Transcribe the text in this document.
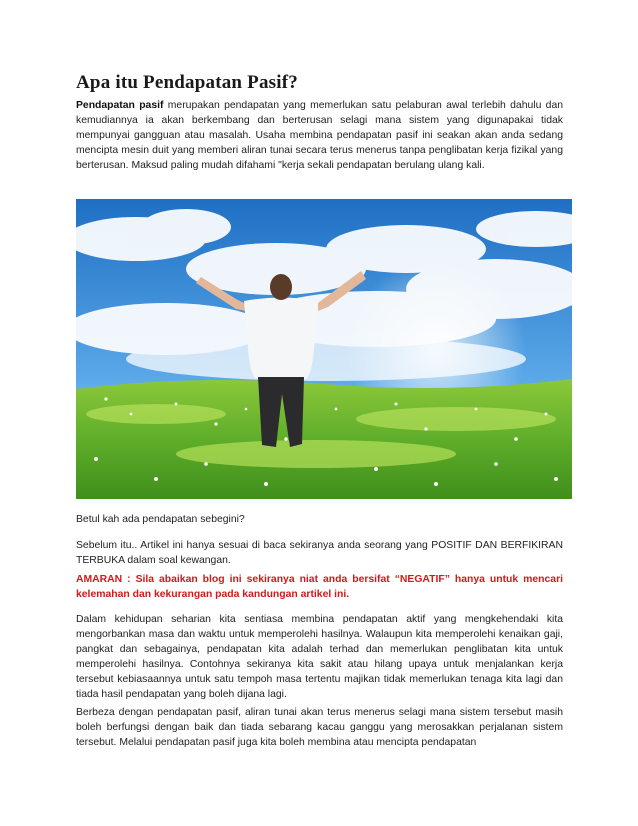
Apa itu Pendapatan Pasif?

Pendapatan pasif merupakan pendapatan yang memerlukan satu pelaburan awal terlebih dahulu dan kemudiannya ia akan berkembang dan berterusan selagi mana sistem yang digunapakai tidak mempunyai gangguan atau masalah. Usaha membina pendapatan pasif ini seakan akan anda sedang mencipta mesin duit yang memberi aliran tunai secara terus menerus tanpa penglibatan kerja fizikal yang berterusan. Maksud paling mudah difahami "kerja sekali pendapatan berulang ulang kali.

Betul kah ada pendapatan sebegini?

Sebelum itu.. Artikel ini hanya sesuai di baca sekiranya anda seorang yang POSITIF DAN BERFIKIRAN TERBUKA dalam soal kewangan.

AMARAN : Sila abaikan blog ini sekiranya niat anda bersifat “NEGATIF” hanya untuk mencari kelemahan dan kekurangan pada kandungan artikel ini.

Dalam kehidupan seharian kita sentiasa membina pendapatan aktif yang mengkehendaki kita mengorbankan masa dan waktu untuk memperolehi hasilnya. Walaupun kita memperolehi kenaikan gaji, pangkat dan sebagainya, pendapatan kita adalah terhad dan memerlukan penglibatan kita untuk memperolehi hasilnya. Contohnya sekiranya kita sakit atau hilang upaya untuk menjalankan kerja tersebut kebiasaannya untuk satu tempoh masa tertentu majikan tidak memerlukan tenaga kita lagi dan tiada hasil pendapatan yang boleh dijana lagi.

Berbeza dengan pendapatan pasif, aliran tunai akan terus menerus selagi mana sistem tersebut masih boleh berfungsi dengan baik dan tiada sebarang kacau ganggu yang merosakkan perjalanan sistem tersebut. Melalui pendapatan pasif juga kita boleh membina atau mencipta pendapatan
